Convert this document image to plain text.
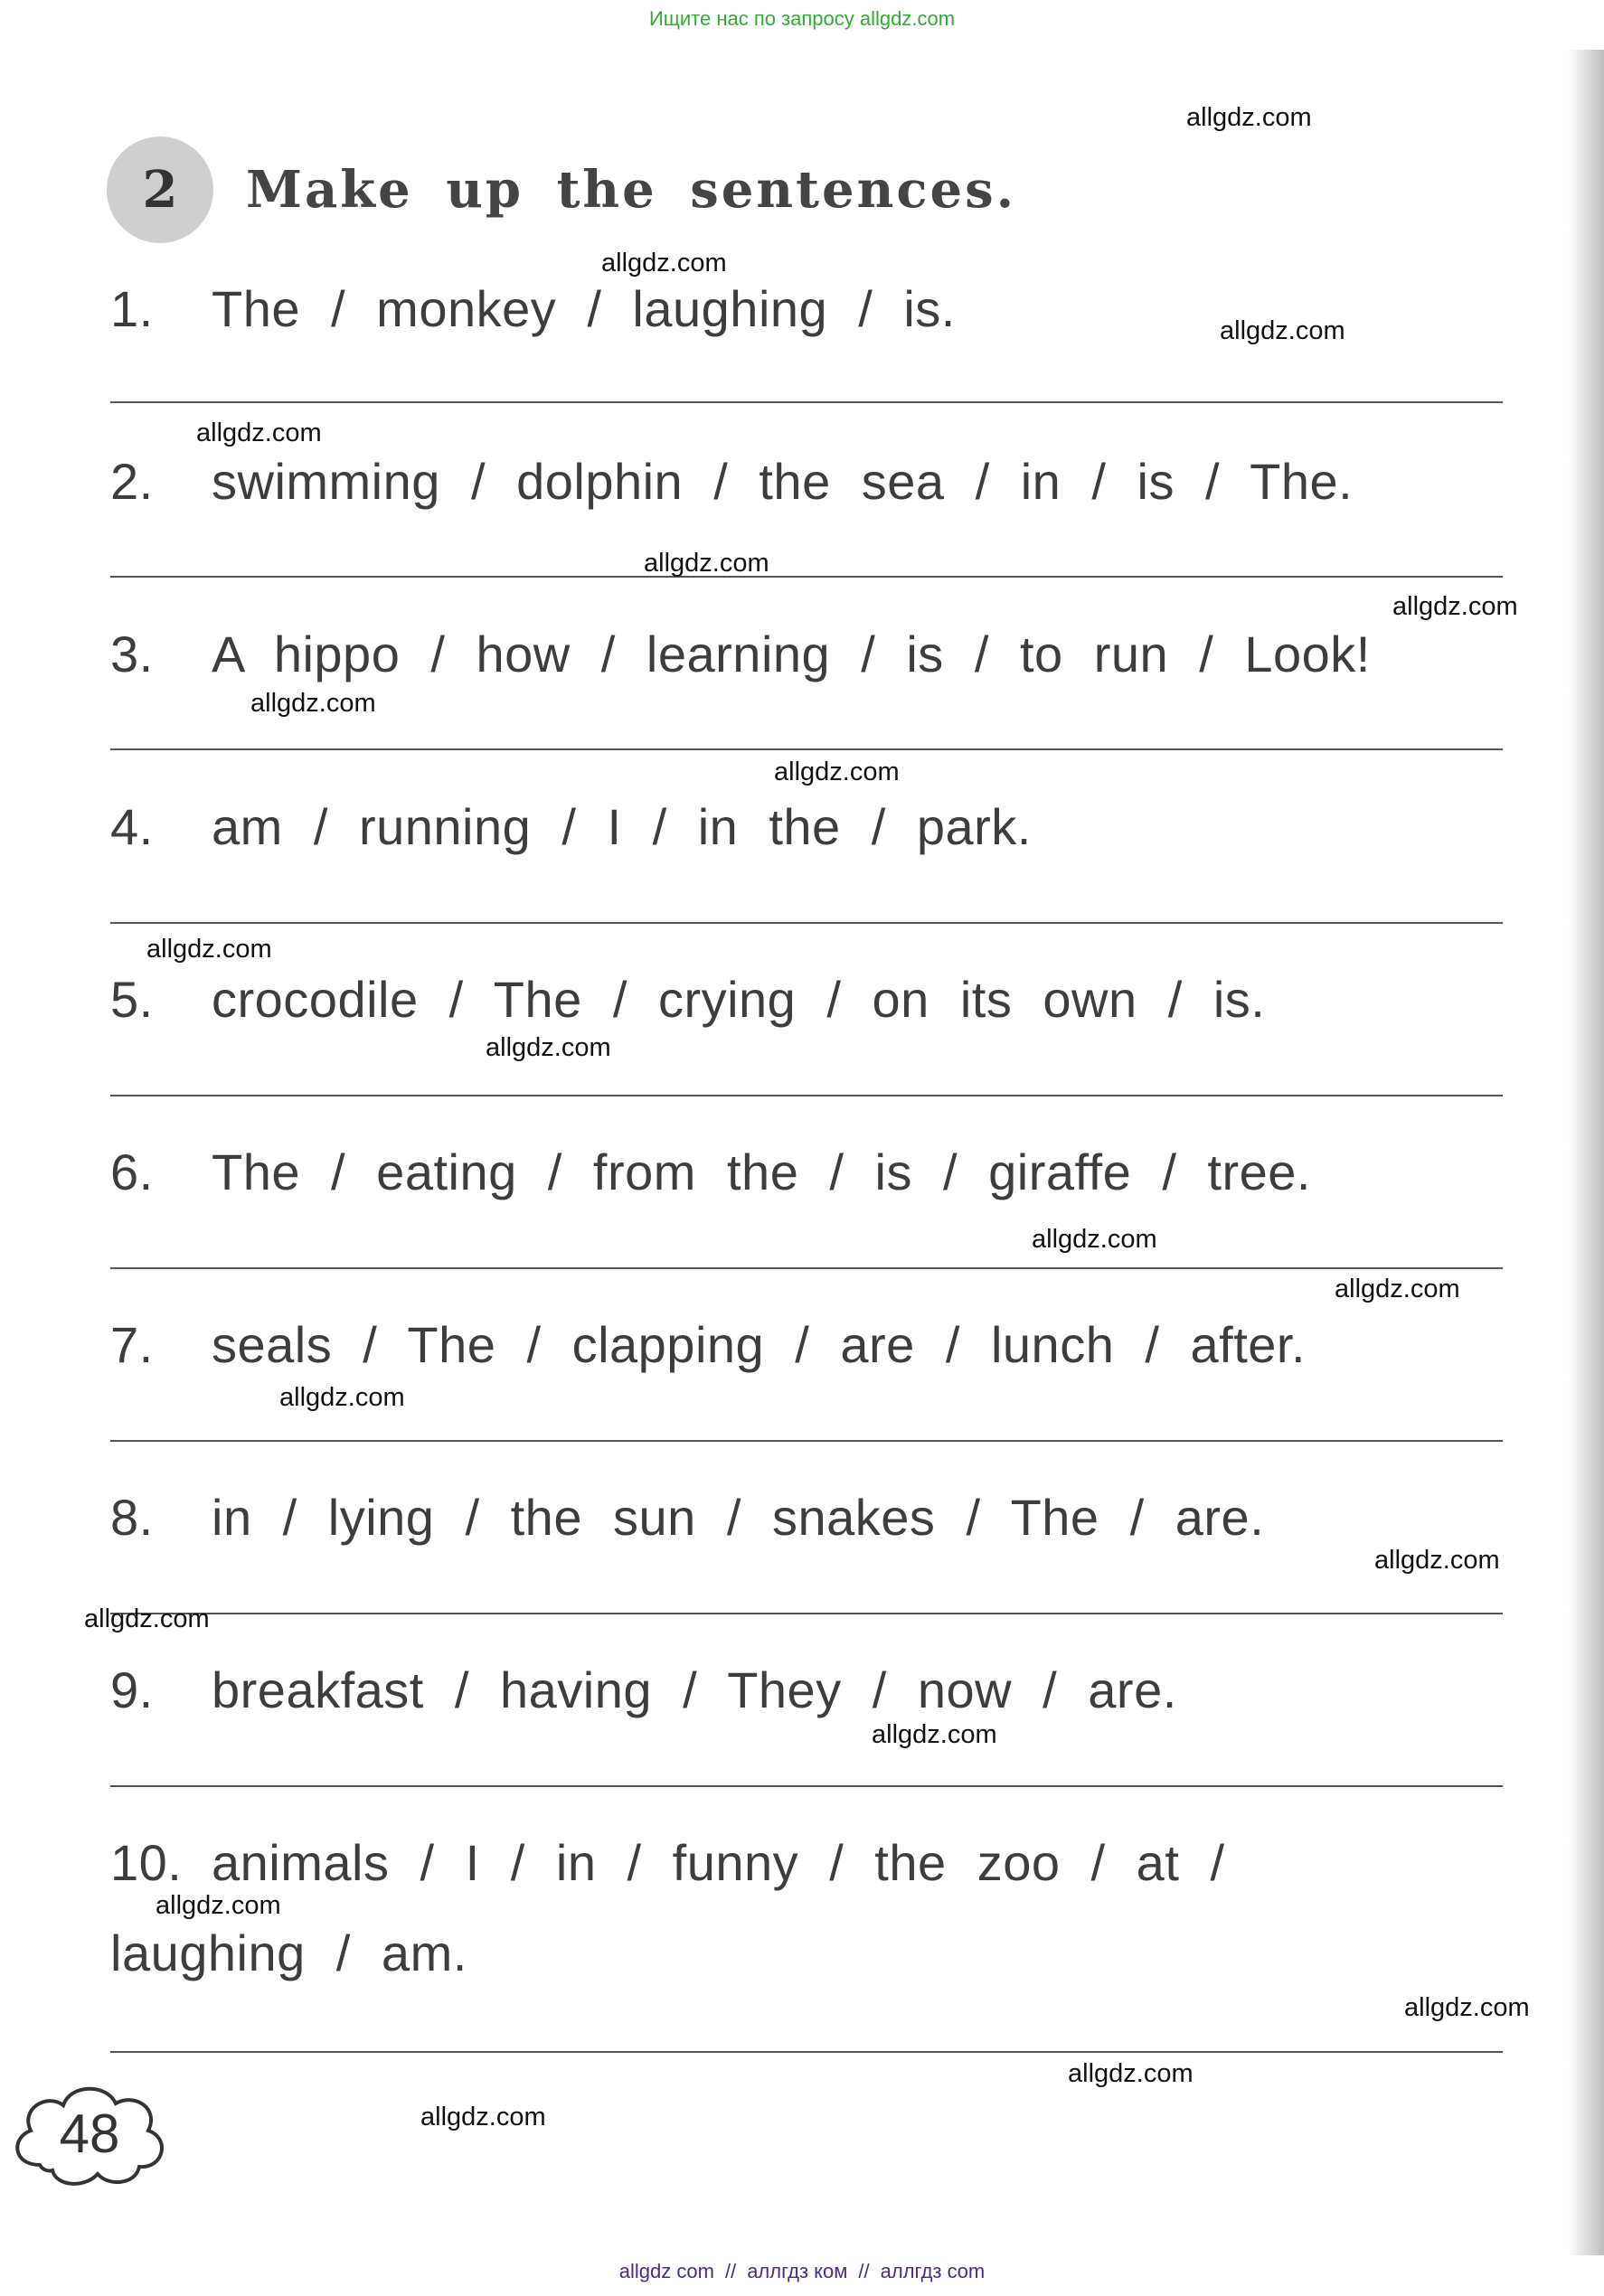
Ищите нас по запросу allgdz.com
2	Make up the sentences.
1. The / monkey / laughing / is.
2. swimming / dolphin / the sea / in / is / The.
3. A hippo / how / learning / is / to run / Look!
4. am / running / I / in the / park.
5. crocodile / The / crying / on its own / is.
6. The / eating / from the / is / giraffe / tree.
7. seals / The / clapping / are / lunch / after.
8. in / lying / the sun / snakes / The / are.
9. breakfast / having / They / now / are.
10. animals / I / in / funny / the zoo / at /
laughing / am.
allgdz.com
allgdz.com
allgdz.com
allgdz.com
allgdz.com
allgdz.com
allgdz.com
allgdz.com
allgdz.com
allgdz.com
allgdz.com
allgdz.com
allgdz.com
allgdz.com
allgdz.com
allgdz.com
allgdz.com
allgdz.com
allgdz.com
allgdz.com
48
allgdz com // аллгдз ком // аллгдз com
